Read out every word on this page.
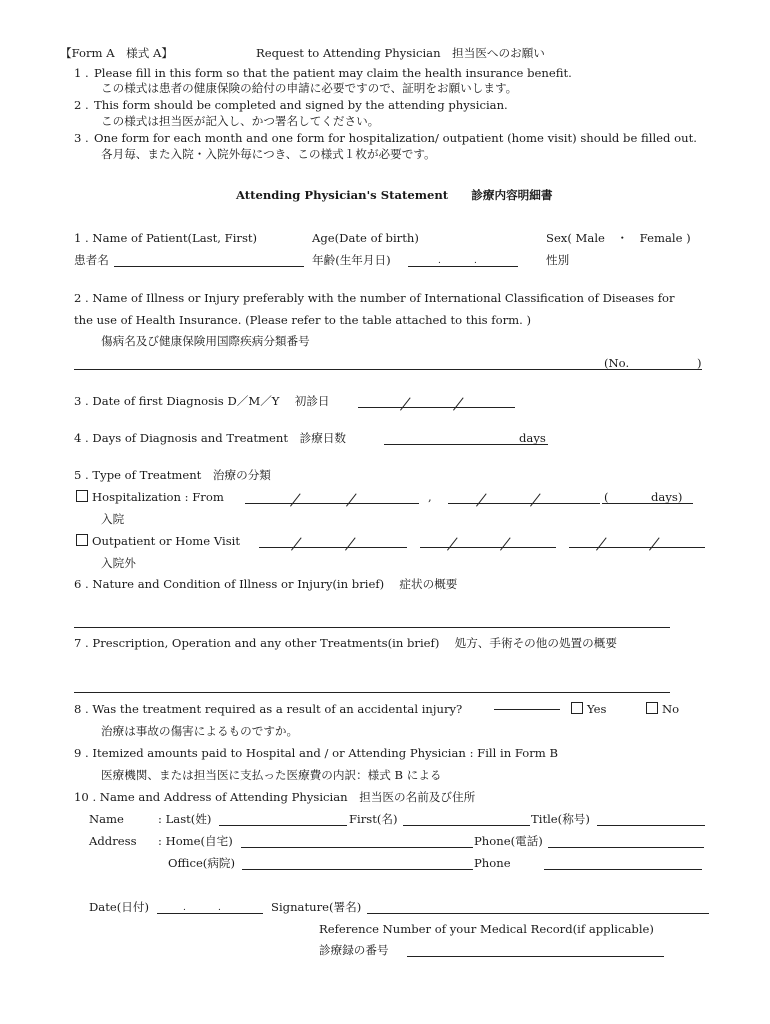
【Form A　様式 A】	Request to Attending Physician　担当医へのお願い
1 . Please fill in this form so that the patient may claim the health insurance benefit.
この様式は患者の健康保険の給付の申請に必要ですので、証明をお願いします。
2 . This form should be completed and signed by the attending physician.
この様式は担当医が記入し、かつ署名してください。
3 . One form for each month and one form for hospitalization/ outpatient (home visit) should be filled out.
各月毎、また入院・入院外毎につき、この様式１枚が必要です。
Attending Physician's Statement　　診療内容明細書
1 . Name of Patient(Last, First)	Age(Date of birth)	Sex( Male　・　Female )
患者名	年齢(生年月日)	.	.	性別
2 . Name of Illness or Injury preferably with the number of International Classification of Diseases for
the use of Health Insurance. (Please refer to the table attached to this form. )
傷病名及び健康保険用国際疾病分類番号
(No.	)
3 . Date of first Diagnosis D／M／Y　 初診日
4 . Days of Diagnosis and Treatment　診療日数	days
5 . Type of Treatment　治療の分類
Hospitalization : From	,	(	days)
入院
Outpatient or Home Visit
入院外
6 . Nature and Condition of Illness or Injury(in brief)　 症状の概要
7 . Prescription, Operation and any other Treatments(in brief)　 処方、手術その他の処置の概要
8 . Was the treatment required as a result of an accidental injury?	Yes	No
治療は事故の傷害によるものですか。
9 . Itemized amounts paid to Hospital and / or Attending Physician : Fill in Form B
医療機関、または担当医に支払った医療費の内訳：様式 B による
10 . Name and Address of Attending Physician　担当医の名前及び住所
Name	: Last(姓)	First(名)	Title(称号)
Address : Home(自宅)	Phone(電話)
Office(病院)	Phone
Date(日付)	.	.	Signature(署名)
Reference Number of your Medical Record(if applicable)
診療録の番号
